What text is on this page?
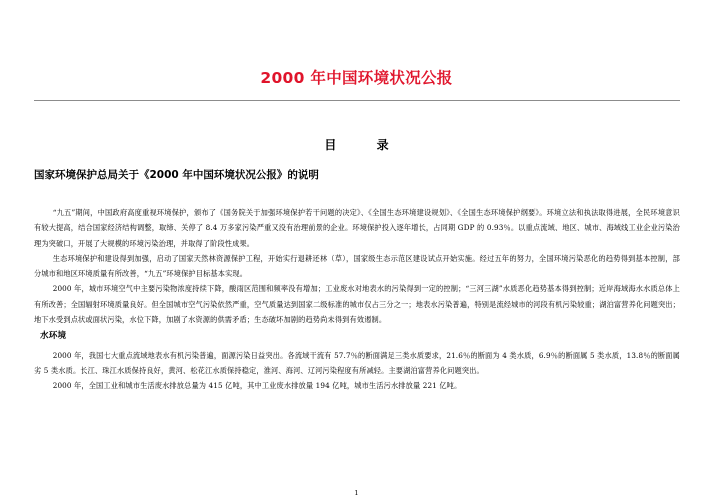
2000 年中国环境状况公报
目 录
国家环境保护总局关于《2000 年中国环境状况公报》的说明

“九五”期间，中国政府高度重视环境保护，颁布了《国务院关于加强环境保护若干问题的决定》、《全国生态环境建设规划》、《全国生态环境保护纲要》。环境立法和执法取得进展，全民环境意识有较大提高，结合国家经济结构调整，取缔、关停了 8.4 万多家污染严重又没有治理前景的企业。环境保护投入逐年增长，占同期 GDP 的 0.93％。以重点流域、地区、城市、海域线工业企业污染治理为突破口，开展了大规模的环境污染治理，并取得了阶段性成果。

生态环境保护和建设得到加强，启动了国家天然林资源保护工程，开始实行退耕还林（草），国家级生态示范区建设试点开始实施。经过五年的努力，全国环境污染恶化的趋势得到基本控制，部分城市和地区环境质量有所改善，“九五”环境保护目标基本实现。

2000 年，城市环境空气中主要污染物浓度持续下降，酸雨区范围和频率没有增加；工业废水对地表水的污染得到一定的控制；“三河三湖”水质恶化趋势基本得到控制；近岸海域海水水质总体上有所改善；全国辐射环境质量良好。但全国城市空气污染依然严重，空气质量达到国家二级标准的城市仅占三分之一；地表水污染普遍，特别是流经城市的河段有机污染较重；湖泊富营养化问题突出；地下水受到点状或面状污染，水位下降，加剧了水资源的供需矛盾；生态破坏加剧的趋势尚未得到有效遏制。

水环境

2000 年，我国七大重点流域地表水有机污染普遍，面源污染日益突出。各流域干流有 57.7％的断面满足三类水质要求，21.6％的断面为 4 类水质，6.9％的断面属 5 类水质，13.8％的断面属劣 5 类水质。长江、珠江水质保持良好，黄河、松花江水质保持稳定，淮河、海河、辽河污染程度有所减轻。主要湖泊富营养化问题突出。

2000 年，全国工业和城市生活废水排放总量为 415 亿吨，其中工业废水排放量 194 亿吨，城市生活污水排放量 221 亿吨。

1
